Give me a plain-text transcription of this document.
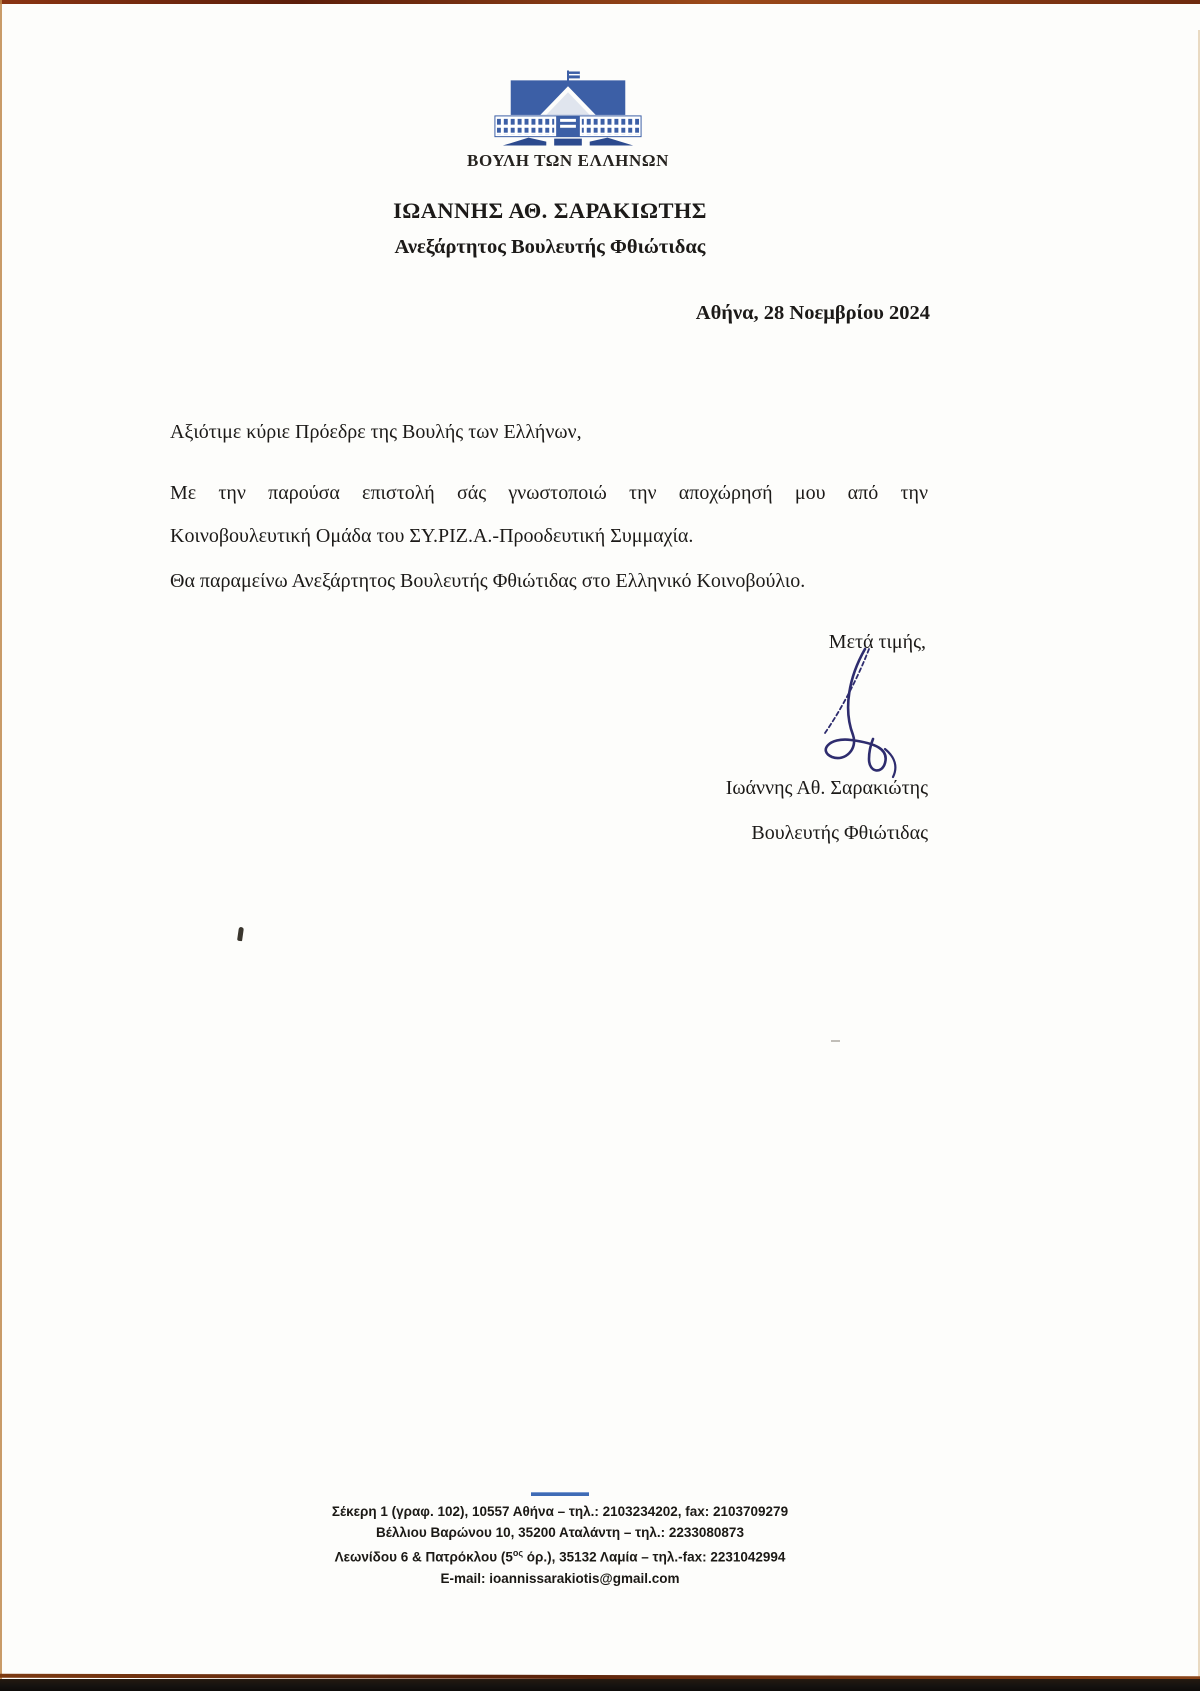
ΒΟΥΛΗ ΤΩΝ ΕΛΛΗΝΩΝ
ΙΩΑΝΝΗΣ ΑΘ. ΣΑΡΑΚΙΩΤΗΣ
Ανεξάρτητος Βουλευτής Φθιώτιδας
Αθήνα, 28 Νοεμβρίου 2024
Αξιότιμε κύριε Πρόεδρε της Βουλής των Ελλήνων,
Με την παρούσα επιστολή σάς γνωστοποιώ την αποχώρησή μου από την
Κοινοβουλευτική Ομάδα του ΣΥ.ΡΙΖ.Α.-Προοδευτική Συμμαχία.
Θα παραμείνω Ανεξάρτητος Βουλευτής Φθιώτιδας στο Ελληνικό Κοινοβούλιο.
Μετά τιμής,
Ιωάννης Αθ. Σαρακιώτης
Βουλευτής Φθιώτιδας
Σέκερη 1 (γραφ. 102), 10557 Αθήνα – τηλ.: 2103234202, fax: 2103709279
Βέλλιου Βαρώνου 10, 35200 Αταλάντη – τηλ.: 2233080873
Λεωνίδου 6 & Πατρόκλου ($5^{o\varsigma}$ όρ.), 35132 Λαμία – τηλ.-fax: 2231042994
E-mail: ioannissarakiotis@gmail.com
